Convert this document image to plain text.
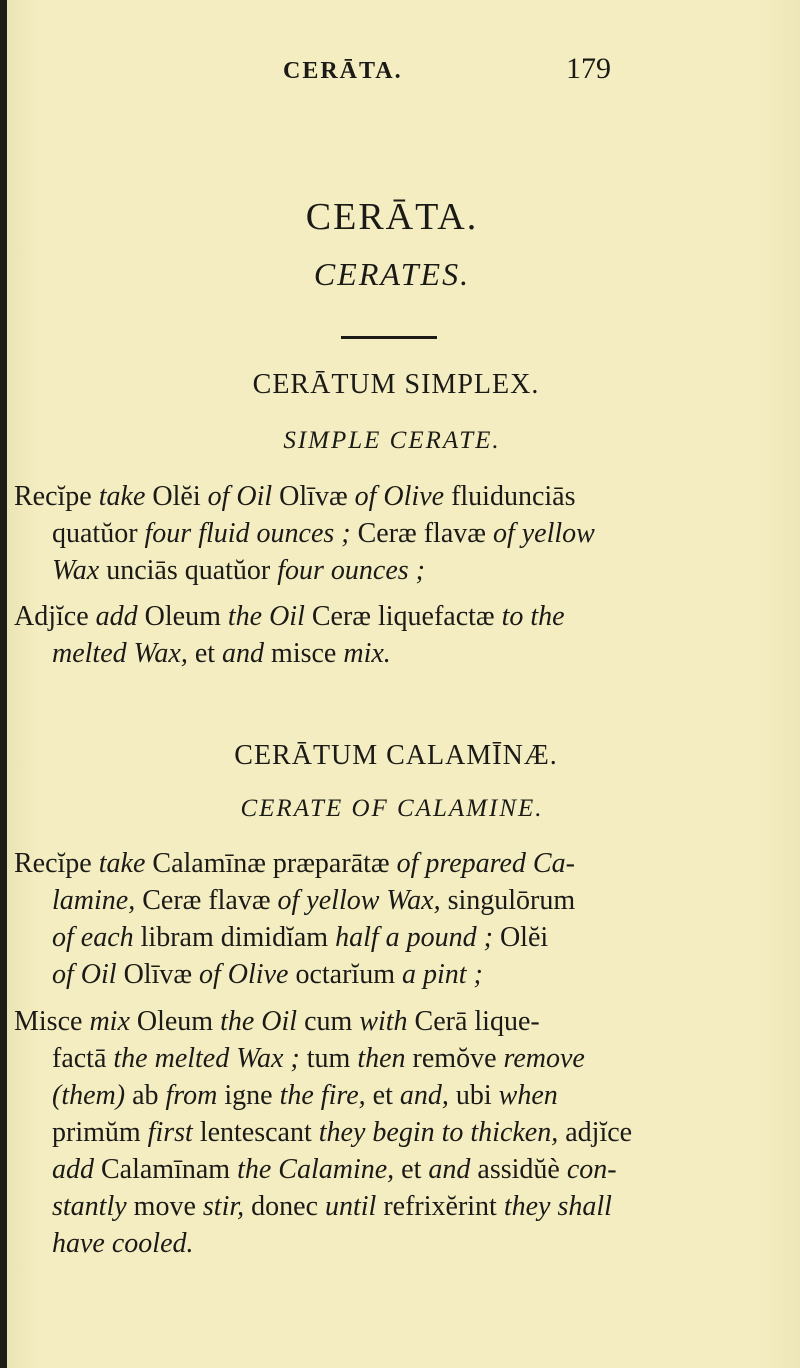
CERĀTA.	179
CERĀTA.
CERATES.
CERĀTUM SIMPLEX.
SIMPLE CERATE.

Recĭpe take Olĕi of Oil Olīvæ of Olive fluidunciās

quatŭor four fluid ounces ; Ceræ flavæ of yellow

Wax unciās quatŭor four ounces ;

Adjĭce add Oleum the Oil Ceræ liquefactæ to the

melted Wax, et and misce mix.

CERĀTUM CALAMĪNÆ.
CERATE OF CALAMINE.

Recĭpe take Calamīnæ præparātæ of prepared Ca-

lamine, Ceræ flavæ of yellow Wax, singulōrum

of each libram dimidĭam half a pound ; Olĕi

of Oil Olīvæ of Olive octarĭum a pint ;

Misce mix Oleum the Oil cum with Cerā lique-

factā the melted Wax ; tum then remŏve remove

(them) ab from igne the fire, et and, ubi when

primŭm first lentescant they begin to thicken, adjĭce

add Calamīnam the Calamine, et and assidŭè con-

stantly move stir, donec until refrixĕrint they shall

have cooled.
